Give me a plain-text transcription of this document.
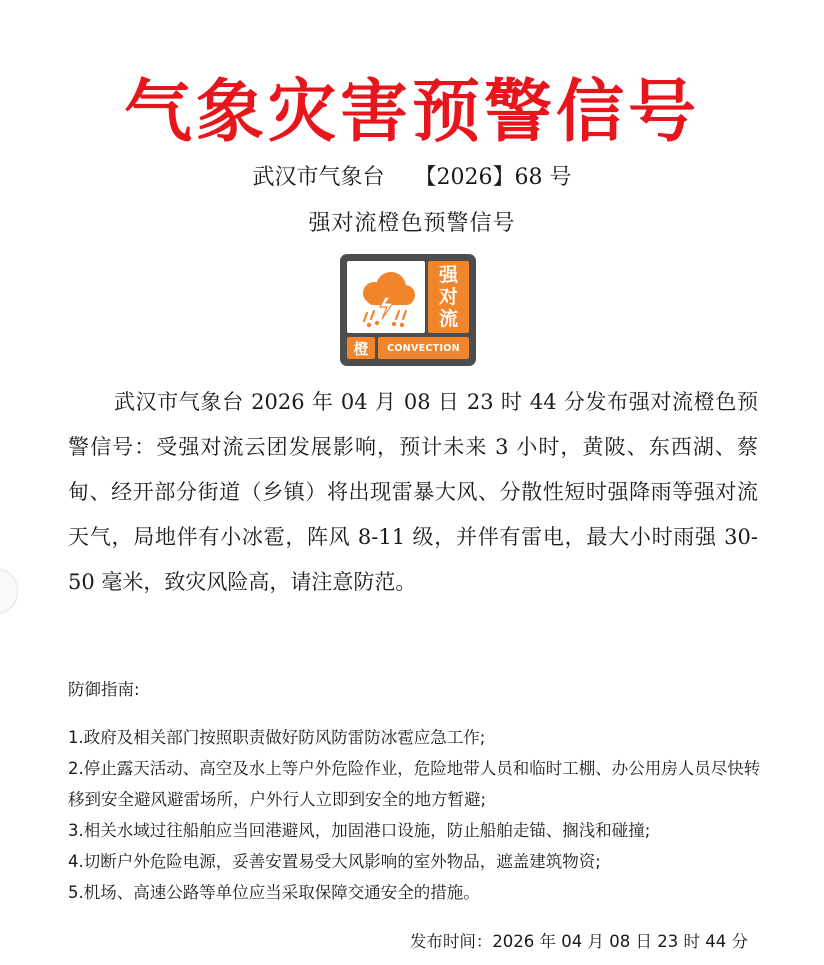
气象灾害预警信号
武汉市气象台 【2026】68 号
强对流橙色预警信号
强
对
流
橙	CONVECTION

武汉市气象台 2026 年 04 月 08 日 23 时 44 分发布强对流橙色预警信号：受强对流云团发展影响，预计未来 3 小时，黄陂、东西湖、蔡甸、经开部分街道（乡镇）将出现雷暴大风、分散性短时强降雨等强对流天气，局地伴有小冰雹，阵风 8-11 级，并伴有雷电，最大小时雨强 30-50 毫米，致灾风险高，请注意防范。

防御指南:
1.政府及相关部门按照职责做好防风防雷防冰雹应急工作;
2.停止露天活动、高空及水上等户外危险作业，危险地带人员和临时工棚、办公用房人员尽快转移到安全避风避雷场所，户外行人立即到安全的地方暂避;
3.相关水域过往船舶应当回港避风，加固港口设施，防止船舶走锚、搁浅和碰撞;
4.切断户外危险电源，妥善安置易受大风影响的室外物品，遮盖建筑物资;
5.机场、高速公路等单位应当采取保障交通安全的措施。
发布时间：2026 年 04 月 08 日 23 时 44 分
